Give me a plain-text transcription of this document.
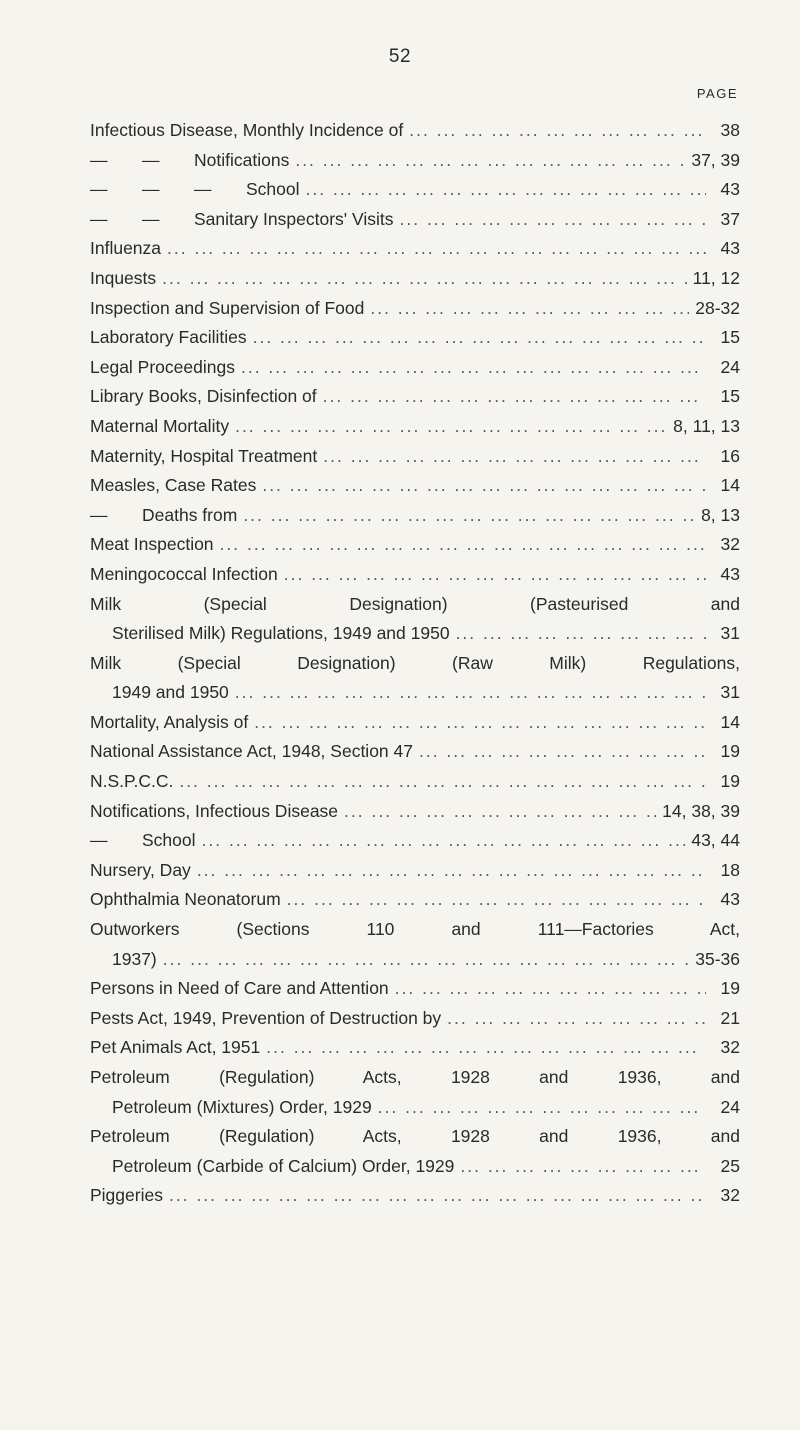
52
PAGE
Infectious Disease, Monthly Incidence of ... .	38
— — Notifications ... .	37, 39
— — — School ... .	43
— — Sanitary Inspectors' Visits ... .	37
Influenza ... .	43
Inquests ... .	11, 12
Inspection and Supervision of Food ... .	28-32
Laboratory Facilities ... .	15
Legal Proceedings ... .	24
Library Books, Disinfection of ... .	15
Maternal Mortality ... .	8, 11, 13
Maternity, Hospital Treatment ... .	16
Measles, Case Rates ... .	14
— Deaths from ... .	8, 13
Meat Inspection ... .	32
Meningococcal Infection ... .	43
Milk (Special Designation) (Pasteurised and
Sterilised Milk) Regulations, 1949 and 1950 ... .	31
Milk (Special Designation) (Raw Milk) Regulations,
1949 and 1950 ... .	31
Mortality, Analysis of ... .	14
National Assistance Act, 1948, Section 47 ... .	19
N.S.P.C.C. ... .	19
Notifications, Infectious Disease ... .	14, 38, 39
— School ... .	43, 44
Nursery, Day ... .	18
Ophthalmia Neonatorum ... .	43
Outworkers (Sections 110 and 111—Factories Act,
1937) ... .	35-36
Persons in Need of Care and Attention ... .	19
Pests Act, 1949, Prevention of Destruction by ... .	21
Pet Animals Act, 1951 ... .	32
Petroleum (Regulation) Acts, 1928 and 1936, and
Petroleum (Mixtures) Order, 1929 ... .	24
Petroleum (Regulation) Acts, 1928 and 1936, and
Petroleum (Carbide of Calcium) Order, 1929 ... .	25
Piggeries ... .	32
